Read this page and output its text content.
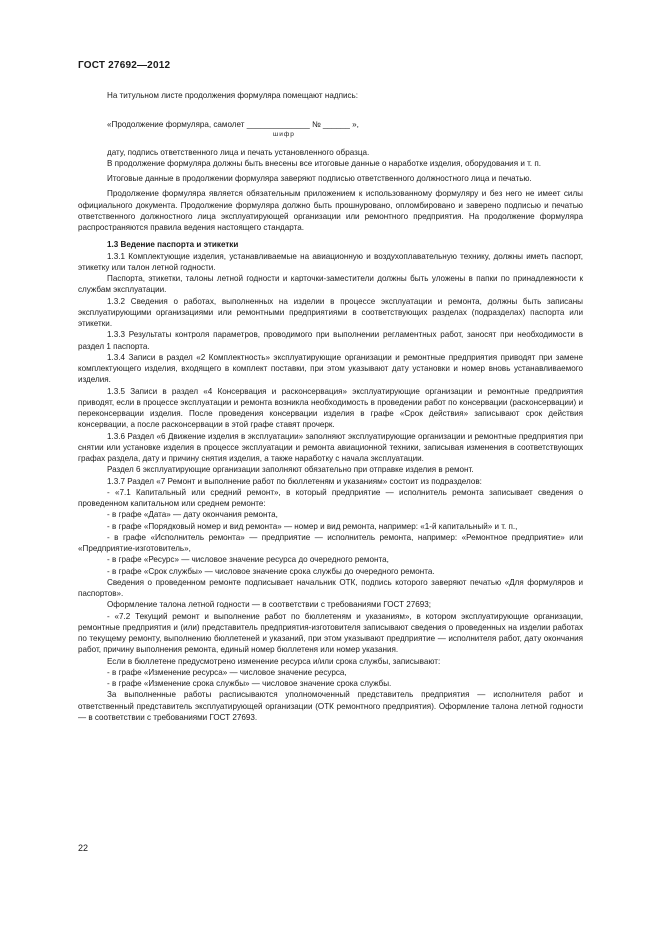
ГОСТ 27692—2012

На титульном листе продолжения формуляра помещают надпись:

«Продолжение формуляра, самолет ______________ № ______ »,

шифр

дату, подпись ответственного лица и печать установленного образца.

В продолжение формуляра должны быть внесены все итоговые данные о наработке изделия, оборудования и т. п.

Итоговые данные в продолжении формуляра заверяют подписью ответственного должностного лица и печатью.

Продолжение формуляра является обязательным приложением к использованному формуляру и без него не имеет силы официального документа. Продолжение формуляра должно быть прошнуровано, опломбировано и заверено подписью и печатью ответственного должностного лица эксплуатирующей организации или ремонтного предприятия. На продолжение формуляра распространяются правила ведения настоящего стандарта.

1.3 Ведение паспорта и этикетки

1.3.1 Комплектующие изделия, устанавливаемые на авиационную и воздухоплавательную технику, должны иметь паспорт, этикетку или талон летной годности.

Паспорта, этикетки, талоны летной годности и карточки-заместители должны быть уложены в папки по принадлежности к службам эксплуатации.

1.3.2 Сведения о работах, выполненных на изделии в процессе эксплуатации и ремонта, должны быть записаны эксплуатирующими организациями или ремонтными предприятиями в соответствующих разделах (подразделах) паспорта или этикетки.

1.3.3 Результаты контроля параметров, проводимого при выполнении регламентных работ, заносят при необходимости в раздел 1 паспорта.

1.3.4 Записи в раздел «2 Комплектность» эксплуатирующие организации и ремонтные предприятия приводят при замене комплектующего изделия, входящего в комплект поставки, при этом указывают дату установки и номер вновь устанавливаемого изделия.

1.3.5 Записи в раздел «4 Консервация и расконсервация» эксплуатирующие организации и ремонтные предприятия приводят, если в процессе эксплуатации и ремонта возникла необходимость в проведении работ по консервации (расконсервации) и переконсервации изделия. После проведения консервации изделия в графе «Срок действия» записывают срок действия консервации, а после расконсервации в этой графе ставят прочерк.

1.3.6 Раздел «6 Движение изделия в эксплуатации» заполняют эксплуатирующие организации и ремонтные предприятия при снятии или установке изделия в процессе эксплуатации и ремонта авиационной техники, записывая изменения в соответствующих графах раздела, дату и причину снятия изделия, а также наработку с начала эксплуатации.

Раздел 6 эксплуатирующие организации заполняют обязательно при отправке изделия в ремонт.

1.3.7 Раздел «7 Ремонт и выполнение работ по бюллетеням и указаниям» состоит из подразделов:

- «7.1 Капитальный или средний ремонт», в который предприятие — исполнитель ремонта записывает сведения о проведенном капитальном или среднем ремонте:

- в графе «Дата» — дату окончания ремонта,

- в графе «Порядковый номер и вид ремонта» — номер и вид ремонта, например: «1-й капитальный» и т. п.,

- в графе «Исполнитель ремонта» — предприятие — исполнитель ремонта, например: «Ремонтное предприятие» или «Предприятие-изготовитель»,

- в графе «Ресурс» — числовое значение ресурса до очередного ремонта,

- в графе «Срок службы» — числовое значение срока службы до очередного ремонта.

Сведения о проведенном ремонте подписывает начальник ОТК, подпись которого заверяют печатью «Для формуляров и паспортов».

Оформление талона летной годности — в соответствии с требованиями ГОСТ 27693;

- «7.2 Текущий ремонт и выполнение работ по бюллетеням и указаниям», в котором эксплуатирующие организации, ремонтные предприятия и (или) представитель предприятия-изготовителя записывают сведения о проведенных на изделии работах по текущему ремонту, выполнению бюллетеней и указаний, при этом указывают предприятие — исполнителя работ, дату окончания работ, причину выполнения ремонта, единый номер бюллетеня или номер указания.

Если в бюллетене предусмотрено изменение ресурса и/или срока службы, записывают:

- в графе «Изменение ресурса» — числовое значение ресурса,

- в графе «Изменение срока службы» — числовое значение срока службы.

За выполненные работы расписываются уполномоченный представитель предприятия — исполнителя работ и ответственный представитель эксплуатирующей организации (ОТК ремонтного предприятия). Оформление талона летной годности — в соответствии с требованиями ГОСТ 27693.

22
